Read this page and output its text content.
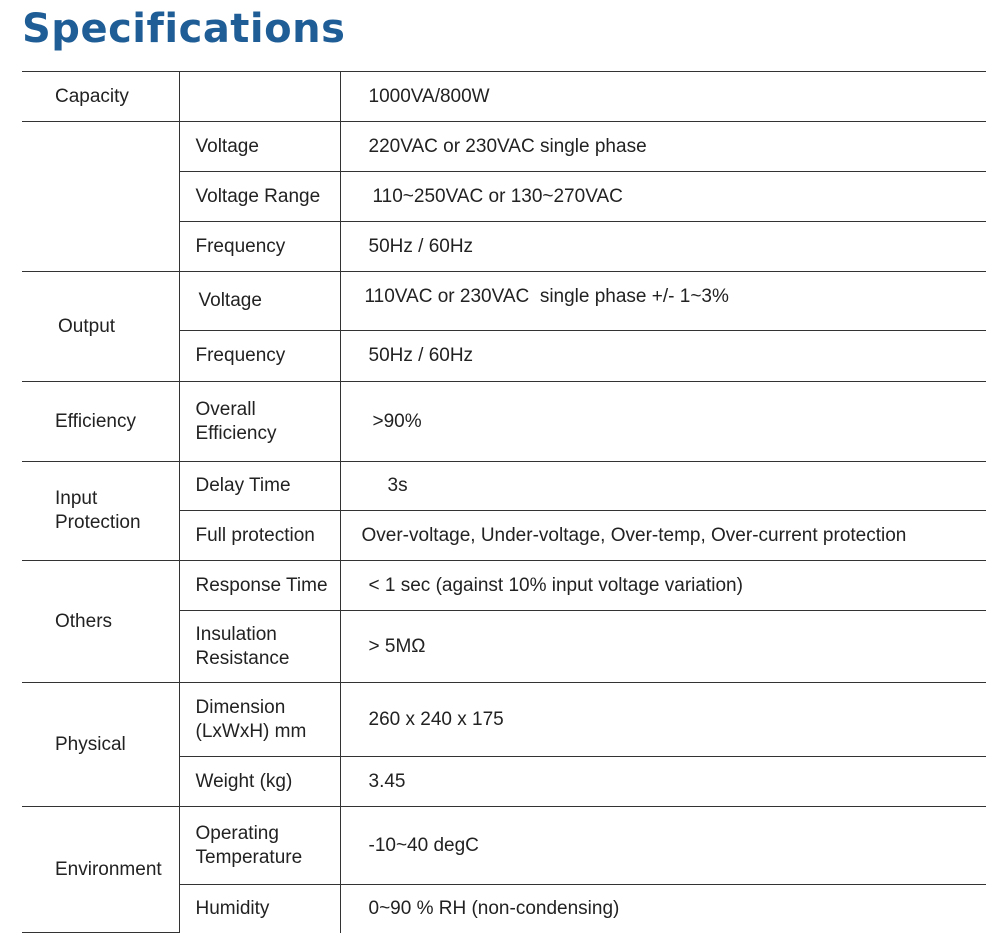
Specifications
Capacity		1000VA/800W
	Voltage	220VAC or 230VAC single phase
	Voltage Range	110~250VAC or 130~270VAC
	Frequency	50Hz / 60Hz
Output	Voltage	110VAC or 230VAC  single phase +/- 1~3%
	Frequency	50Hz / 60Hz
Efficiency	Overall Efficiency	>90%
Input Protection	Delay Time	3s
	Full protection	Over-voltage, Under-voltage, Over-temp, Over-current protection
Others	Response Time	< 1 sec (against 10% input voltage variation)
	Insulation Resistance	> 5MΩ
Physical	Dimension (LxWxH) mm	260 x 240 x 175
	Weight (kg)	3.45
Environment	Operating Temperature	-10~40 degC
	Humidity	0~90 % RH (non-condensing)
